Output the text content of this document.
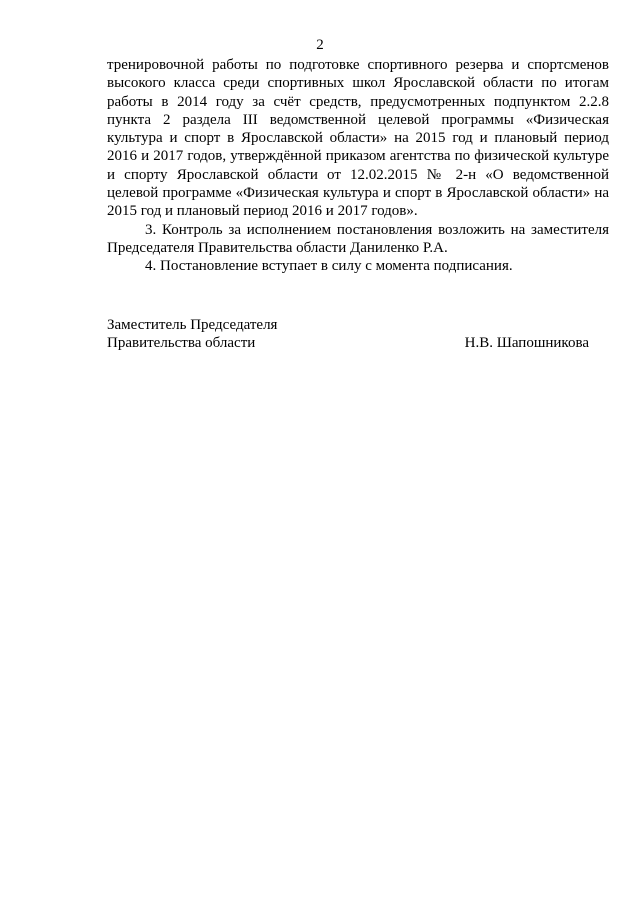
2

тренировочной работы по подготовке спортивного резерва и спортсменов высокого класса среди спортивных школ Ярославской области по итогам работы в 2014 году за счёт средств, предусмотренных подпунктом 2.2.8 пункта 2 раздела III ведомственной целевой программы «Физическая культура и спорт в Ярославской области» на 2015 год и плановый период 2016 и 2017 годов, утверждённой приказом агентства по физической культуре и спорту Ярославской области от 12.02.2015 № 2-н «О ведомственной целевой программе «Физическая культура и спорт в Ярославской области» на 2015 год и плановый период 2016 и 2017 годов».

3. Контроль за исполнением постановления возложить на заместителя Председателя Правительства области Даниленко Р.А.

4. Постановление вступает в силу с момента подписания.

Заместитель Председателя
Правительства области	Н.В. Шапошникова
